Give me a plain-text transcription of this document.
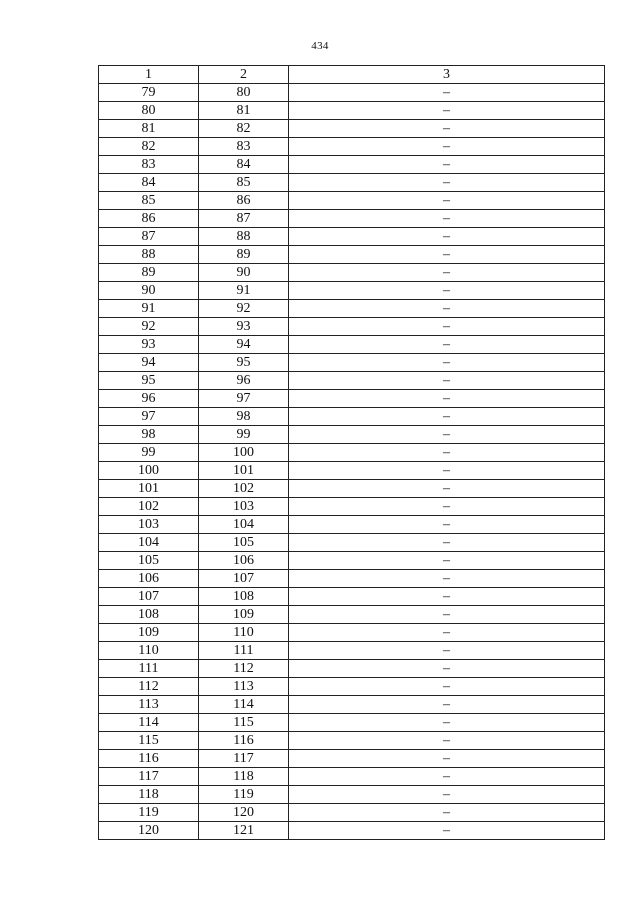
434
1	2	3
79	80	–
80	81	–
81	82	–
82	83	–
83	84	–
84	85	–
85	86	–
86	87	–
87	88	–
88	89	–
89	90	–
90	91	–
91	92	–
92	93	–
93	94	–
94	95	–
95	96	–
96	97	–
97	98	–
98	99	–
99	100	–
100	101	–
101	102	–
102	103	–
103	104	–
104	105	–
105	106	–
106	107	–
107	108	–
108	109	–
109	110	–
110	111	–
111	112	–
112	113	–
113	114	–
114	115	–
115	116	–
116	117	–
117	118	–
118	119	–
119	120	–
120	121	–
